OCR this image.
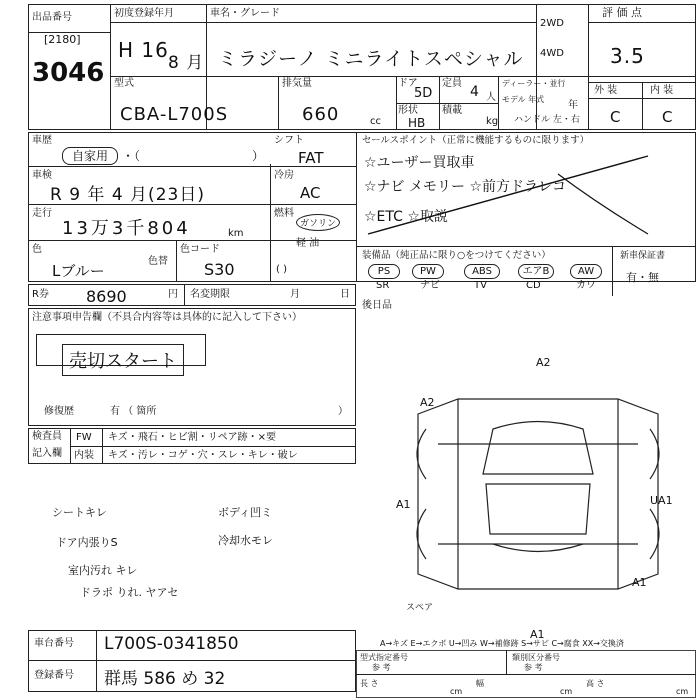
出品番号
[2180]
3046
初度登録年月
H 16
8 月
車名・グレード
ミラジーノ ミニライトスペシャル
2WD
4WD
評 価 点
3.5
型式
CBA-L700S
排気量
660	cc
ドア
5D
形状
HB
定員
4 人
積載
kg
ディーラー・並行
モデル 年式
年
ハンドル 左・右
外 装	内 装
C	C
車歴
自家用	・（	）
車検
R 9 年 4 月(23日)
シフト
FAT
冷房
AC
走行
13万3千804	km
燃料
ガソリン
軽 油
( )
色
Lブルー
色替
色コード
S30
セールスポイント（正常に機能するものに限ります）
☆ユーザー買取車
☆ナビ メモリー ☆前方ドラレコ
☆ETC ☆取説
装備品（純正品に限り○をつけてください）
PS	PW	ABS	エアB	AW
SR	ナビ	TV	CD	カワ
新車保証書
有・無
R券 8690	円 名変期限	月	日
後日品
注意事項申告欄（不具合内容等は具体的に記入して下さい）
売切スタート
修復歴	有 （ 箇所	）
検査員
記入欄
FW キズ・飛石・ヒビ割・リペア跡・×要
内装 キズ・汚レ・コゲ・穴・スレ・キレ・破レ
シートキレ
ドア内張りS
室内汚れ キレ
ドラポ りれ. ヤアセ
ボディ凹ミ
冷却水モレ
A2
A2
A1
A1
UA1
A1
スペア
A→キズ E→エクボ U→凹み W→補修跡 S→サビ C→腐食 XX→交換済
車台番号 L700S-0341850
登録番号 群馬 586 め 32
型式指定番号
参 考
類別区分番号
参 考
長 さ	幅	高 さ
cm	cm	cm
